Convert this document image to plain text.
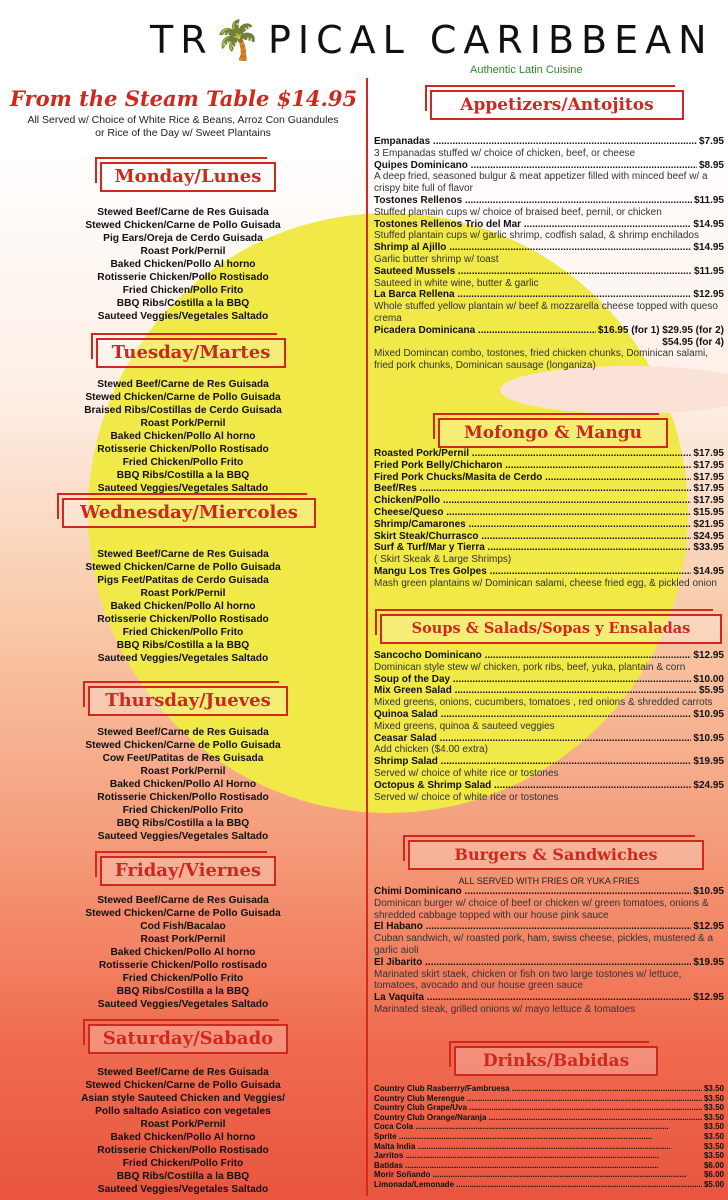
TR🌴PICAL CARIBBEAN
Authentic Latin Cuisine
From the Steam Table $14.95
All Served w/ Choice of White Rice & Beans, Arroz Con Guandules
or Rice of the Day w/ Sweet Plantains
Monday/Lunes
Stewed Beef/Carne de Res Guisada
Stewed Chicken/Carne de Pollo Guisada
Pig Ears/Oreja de Cerdo Guisada
Roast Pork/Pernil
Baked Chicken/Pollo Al horno
Rotisserie Chicken/Pollo Rostisado
Fried Chicken/Pollo Frito
BBQ Ribs/Costilla a la BBQ
Sauteed Veggies/Vegetales Saltado
Tuesday/Martes
Stewed Beef/Carne de Res Guisada
Stewed Chicken/Carne de Pollo Guisada
Braised Ribs/Costillas de Cerdo Guisada
Roast Pork/Pernil
Baked Chicken/Pollo Al horno
Rotisserie Chicken/Pollo Rostisado
Fried Chicken/Pollo Frito
BBQ Ribs/Costilla a la BBQ
Sauteed Veggies/Vegetales Saltado
Wednesday/Miercoles
Stewed Beef/Carne de Res Guisada
Stewed Chicken/Carne de Pollo Guisada
Pigs Feet/Patitas de Cerdo Guisada
Roast Pork/Pernil
Baked Chicken/Pollo Al horno
Rotisserie Chicken/Pollo Rostisado
Fried Chicken/Pollo Frito
BBQ Ribs/Costilla a la BBQ
Sauteed Veggies/Vegetales Saltado
Thursday/Jueves
Stewed Beef/Carne de Res Guisada
Stewed Chicken/Carne de Pollo Guisada
Cow Feet/Patitas de Res Guisada
Roast Pork/Pernil
Baked Chicken/Pollo Al Horno
Rotisserie Chicken/Pollo Rostisado
Fried Chicken/Pollo Frito
BBQ Ribs/Costilla a la BBQ
Sauteed Veggies/Vegetales Saltado
Friday/Viernes
Stewed Beef/Carne de Res Guisada
Stewed Chicken/Carne de Pollo Guisada
Cod Fish/Bacalao
Roast Pork/Pernil
Baked Chicken/Pollo Al horno
Rotisserie Chicken/Pollo rostisado
Fried Chicken/Pollo Frito
BBQ Ribs/Costilla a la BBQ
Sauteed Veggies/Vegetales Saltado
Saturday/Sabado
Stewed Beef/Carne de Res Guisada
Stewed Chicken/Carne de Pollo Guisada
Asian style Sauteed Chicken and Veggies/
Pollo saltado Asiatico con vegetales
Roast Pork/Pernil
Baked Chicken/Pollo Al horno
Rotisserie Chicken/Pollo Rostisado
Fried Chicken/Pollo Frito
BBQ Ribs/Costilla a la BBQ
Sauteed Veggies/Vegetales Saltado
Appetizers/Antojitos
Empanadas .....	$7.95
3 Empanadas stuffed w/ choice of chicken, beef, or cheese
Quipes Dominicano .....	$8.95
A deep fried, seasoned bulgur & meat appetizer filled with minced beef w/ a crispy bite full of flavor
Tostones Rellenos .....	$11.95
Stuffed plantain cups w/ choice of braised beef, pernil, or chicken
Tostones Rellenos Trio del Mar .....	$14.95
Stuffed plantain cups w/ garlic shrimp, codfish salad, & shrimp enchilados
Shrimp al Ajillo .....	$14.95
Garlic butter shrimp w/ toast
Sauteed Mussels .....	$11.95
Sauteed in white wine, butter & garlic
La Barca Rellena .....	$12.95
Whole stuffed yellow plantain w/ beef & mozzarella cheese topped with queso crema
Picadera Dominicana .....	$16.95 (for 1) $29.95 (for 2)
$54.95 (for 4)
Mixed Domincan combo, tostones, fried chicken chunks, Dominican salami, fried pork chunks, Dominican sausage (longaniza)
Mofongo & Mangu
Roasted Pork/Pernil .....	$17.95
Fried Pork Belly/Chicharon .....	$17.95
Fired Pork Chucks/Masita de Cerdo .....	$17.95
Beef/Res .....	$17.95
Chicken/Pollo .....	$17.95
Cheese/Queso .....	$15.95
Shrimp/Camarones .....	$21.95
Skirt Steak/Churrasco .....	$24.95
Surf & Turf/Mar y Tierra .....	$33.95
( Skirt Skeak & Large Shrimps)
Mangu Los Tres Golpes .....	$14.95
Mash green plantains w/ Dominican salami, cheese fried egg, & pickled onion
Soups & Salads/Sopas y Ensaladas
Sancocho Dominicano .....	$12.95
Dominican style stew w/ chicken, pork ribs, beef, yuka, plantain & corn
Soup of the Day .....	$10.00
Mix Green Salad .....	$5.95
Mixed greens, onions, cucumbers, tomatoes , red onions & shredded carrots
Quinoa Salad .....	$10.95
Mixed greens, quinoa & sauteed veggies
Ceasar Salad .....	$10.95
Add chicken ($4.00 extra)
Shrimp Salad .....	$19.95
Served w/ choice of white rice or tostones
Octopus & Shrimp Salad .....	$24.95
Served w/ choice of white rice or tostones
Burgers & Sandwiches
ALL SERVED WITH FRIES OR YUKA FRIES
Chimi Dominicano .....	$10.95
Dominican burger w/ choice of beef or chicken w/ green tomatoes, onions & shredded cabbage topped with our house pink sauce
El Habano .....	$12.95
Cuban sandwich, w/ roasted pork, ham, swiss cheese, pickles, mustered & a garlic aioli
El Jibarito .....	$19.95
Marinated skirt staek, chicken or fish on two large tostones w/ lettuce, tomatoes, avocado and our house green sauce
La Vaquita .....	$12.95
Marinated steak, grilled onions w/ mayo lettuce & tomatoes
Drinks/Babidas
Country Club Rasberrry/Fambruesa .....	$3.50
Country Club Merengue .....	$3.50
Country Club Grape/Uva .....	$3.50
Country Club Orange/Naranja .....	$3.50
Coca Cola .....	$3.50
Sprite .....	$3.50
Malta India .....	$3.50
Jarritos .....	$3.50
Batidas .....	$6.00
Morir Soñando .....	$6.00
Limonada/Lemonade .....	$5.00
